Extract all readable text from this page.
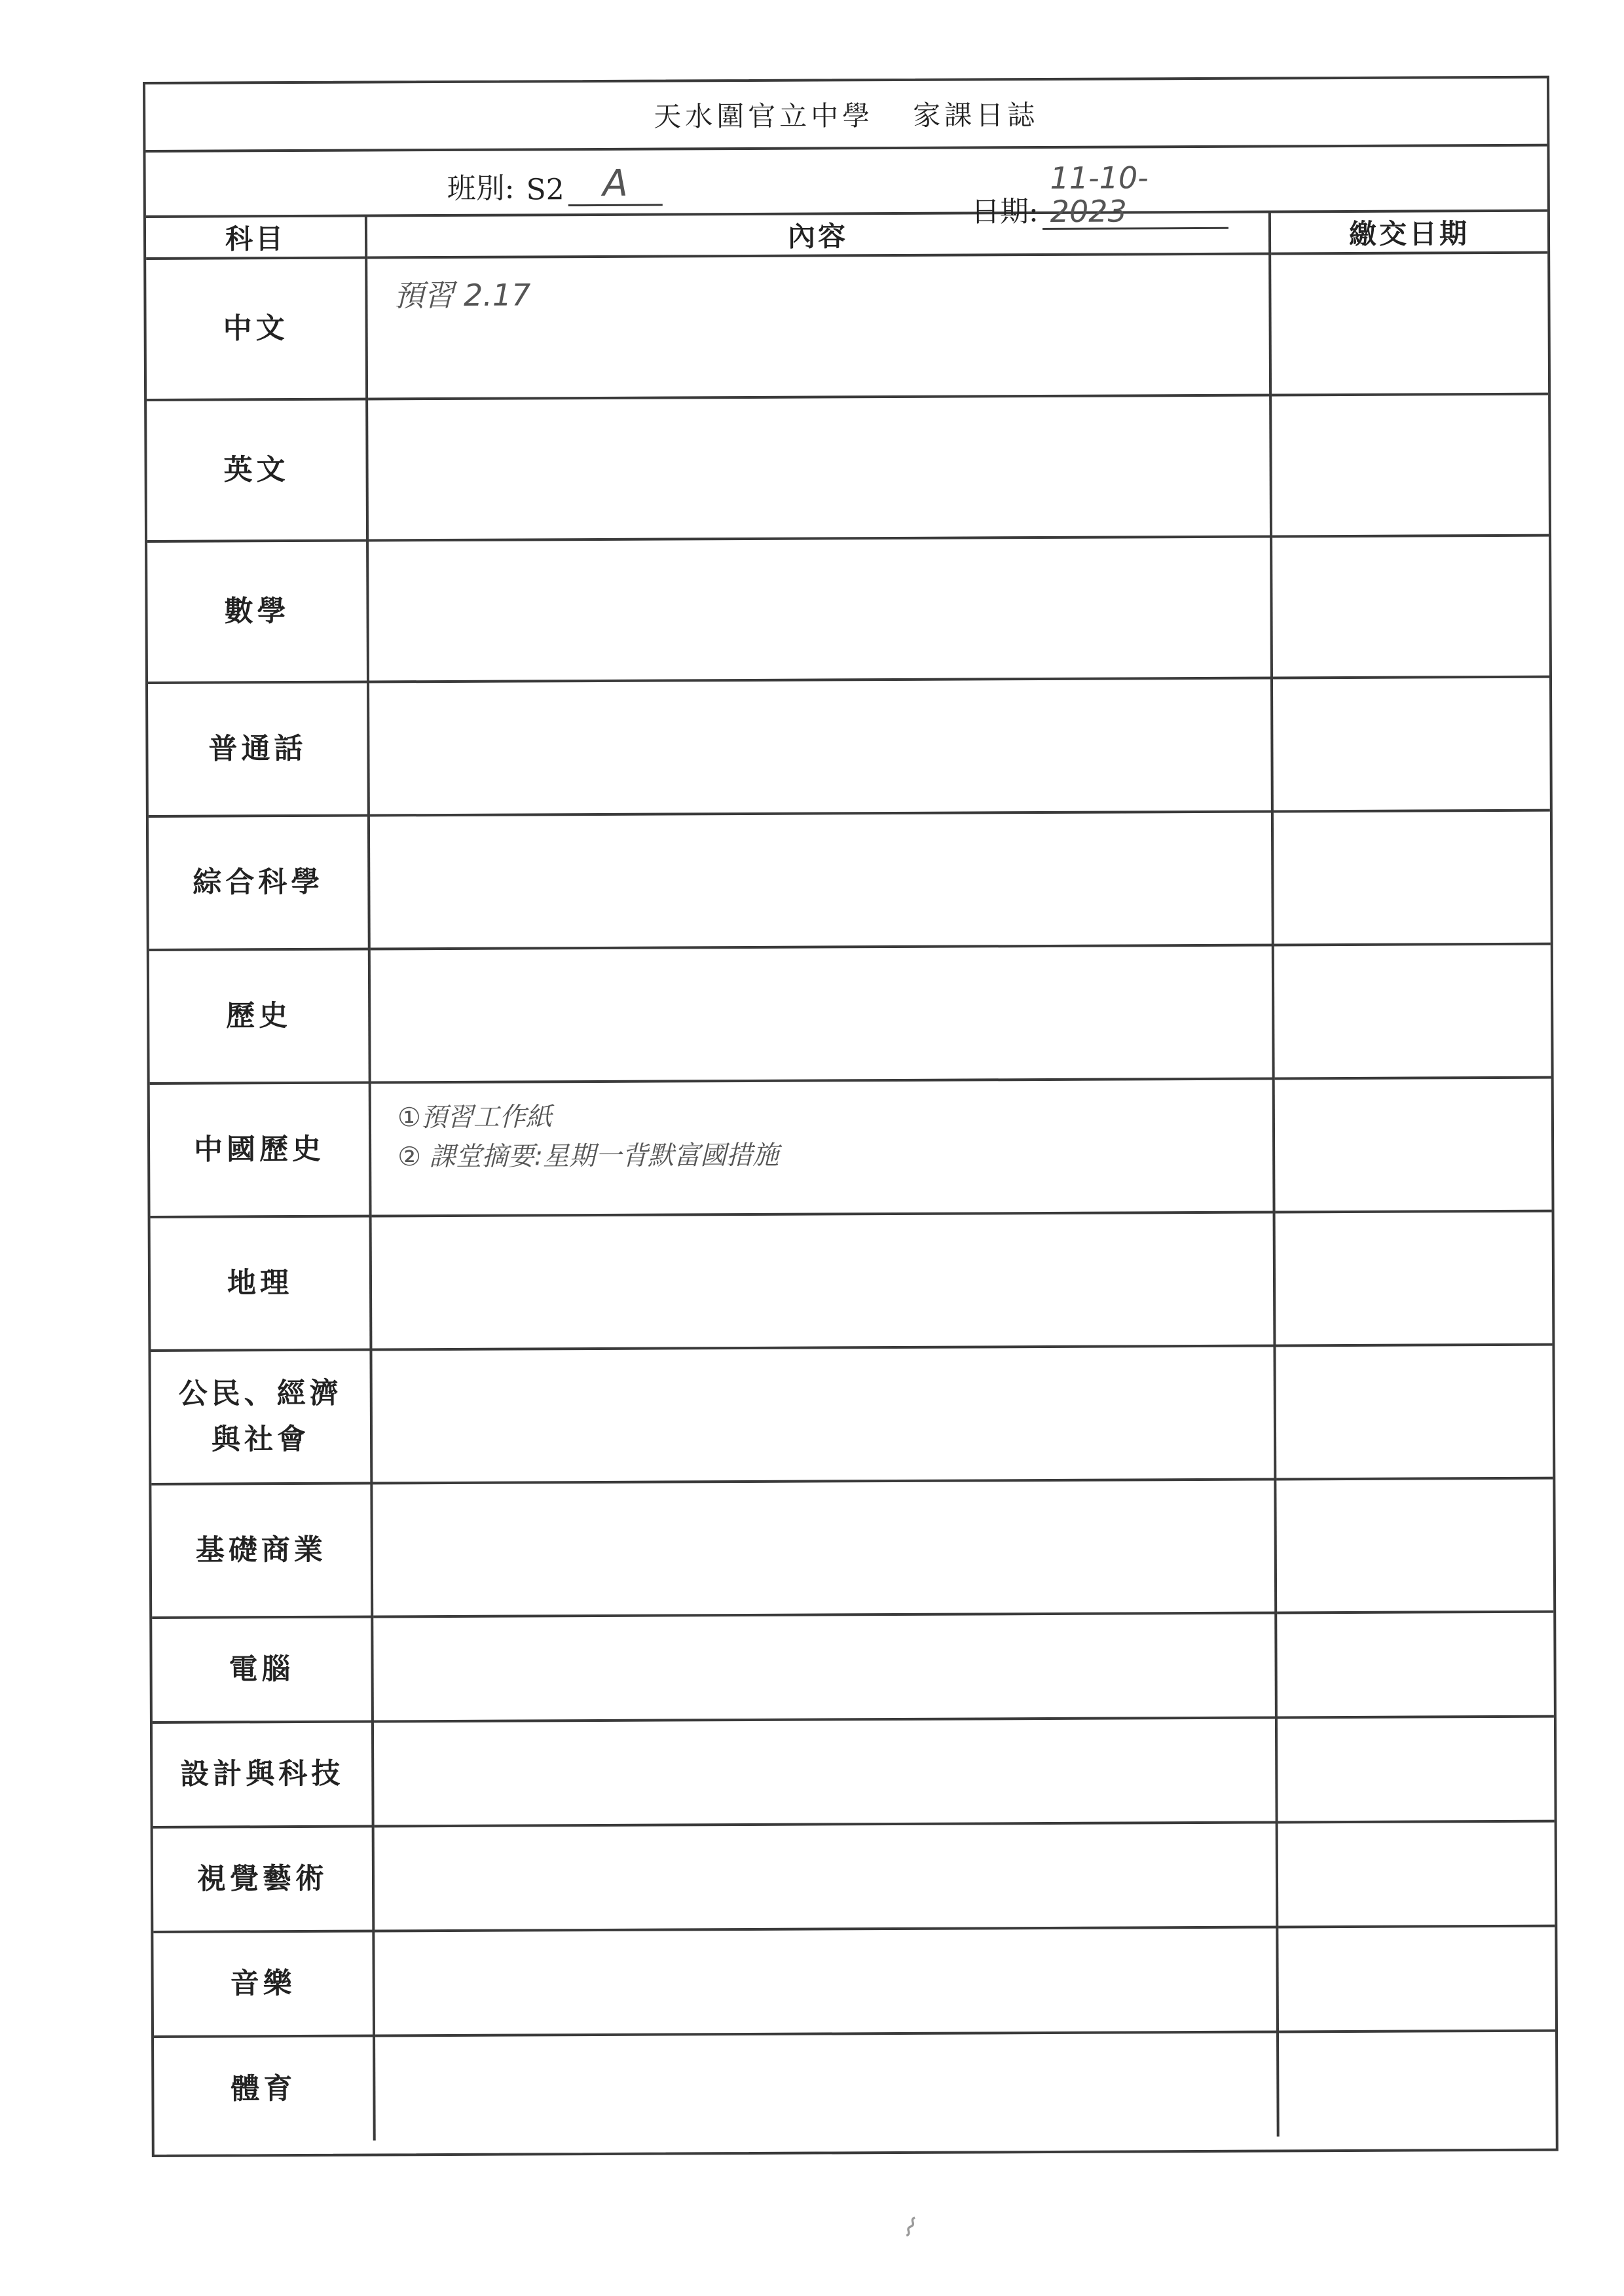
天水圍官立中學 家課日誌
班別: S2	A
日期:
11-10-2023
科目	內容	繳交日期
中文	預習 2.17	

英文		
數學		
普通話		
綜合科學		
歷史		
中國歷史	①預習工作紙
② 課堂摘要:星期一背默富國措施	

地理		
公民、經濟
與社會		
基礎商業		
電腦		
設計與科技		
視覺藝術		
音樂		
體育		
⌇
